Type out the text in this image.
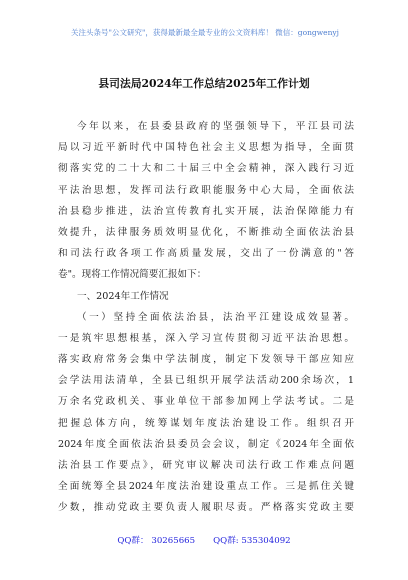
关注头条号"公文研究"，获得最新最全最专业的公文资料库！ 微信：gongwenyj
县司法局2024年工作总结2025年工作计划
今年以来，在县委县政府的坚强领导下，平江县司法
局以习近平新时代中国特色社会主义思想为指导，全面贯
彻落实党的二十大和二十届三中全会精神，深入践行习近
平法治思想，发挥司法行政职能服务中心大局，全面依法
治县稳步推进，法治宣传教育扎实开展，法治保障能力有
效提升，法律服务质效明显优化，不断推动全面依法治县
和司法行政各项工作高质量发展，交出了一份满意的"答
卷"。现将工作情况简要汇报如下：
一、2024年工作情况
（一）坚持全面依法治县，法治平江建设成效显著。
一是筑牢思想根基，深入学习宣传贯彻习近平法治思想。
落实政府常务会集中学法制度，制定下发领导干部应知应
会学法用法清单，全县已组织开展学法活动200余场次，1
万余名党政机关、事业单位干部参加网上学法考试。二是
把握总体方向，统筹谋划年度法治建设工作。组织召开
2024年度全面依法治县委员会会议，制定《2024年全面依
法治县工作要点》，研究审议解决司法行政工作难点问题
全面统筹全县2024年度法治建设重点工作。三是抓住关键
少数，推动党政主要负责人履职尽责。严格落实党政主要
QQ群： 30265665 QQ群: 535304092
